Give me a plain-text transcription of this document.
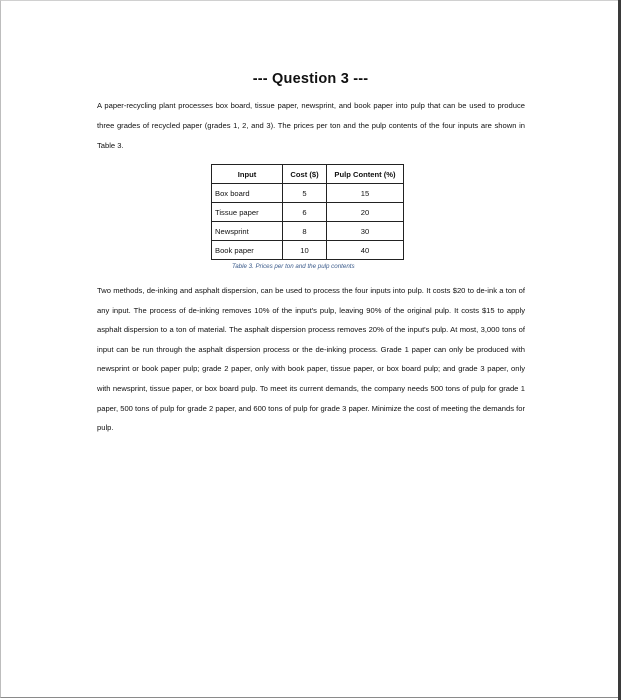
--- Question 3 ---

A paper-recycling plant processes box board, tissue paper, newsprint, and book paper into pulp that can be used to produce three grades of recycled paper (grades 1, 2, and 3). The prices per ton and the pulp contents of the four inputs are shown in Table 3.

Input	Cost ($)	Pulp Content (%)
Box board	5	15
Tissue paper	6	20
Newsprint	8	30
Book paper	10	40
Table 3. Prices per ton and the pulp contents

Two methods, de-inking and asphalt dispersion, can be used to process the four inputs into pulp. It costs $20 to de-ink a ton of any input. The process of de-inking removes 10% of the input's pulp, leaving 90% of the original pulp. It costs $15 to apply asphalt dispersion to a ton of material. The asphalt dispersion process removes 20% of the input's pulp. At most, 3,000 tons of input can be run through the asphalt dispersion process or the de-inking process. Grade 1 paper can only be produced with newsprint or book paper pulp; grade 2 paper, only with book paper, tissue paper, or box board pulp; and grade 3 paper, only with newsprint, tissue paper, or box board pulp. To meet its current demands, the company needs 500 tons of pulp for grade 1 paper, 500 tons of pulp for grade 2 paper, and 600 tons of pulp for grade 3 paper. Minimize the cost of meeting the demands for pulp.
